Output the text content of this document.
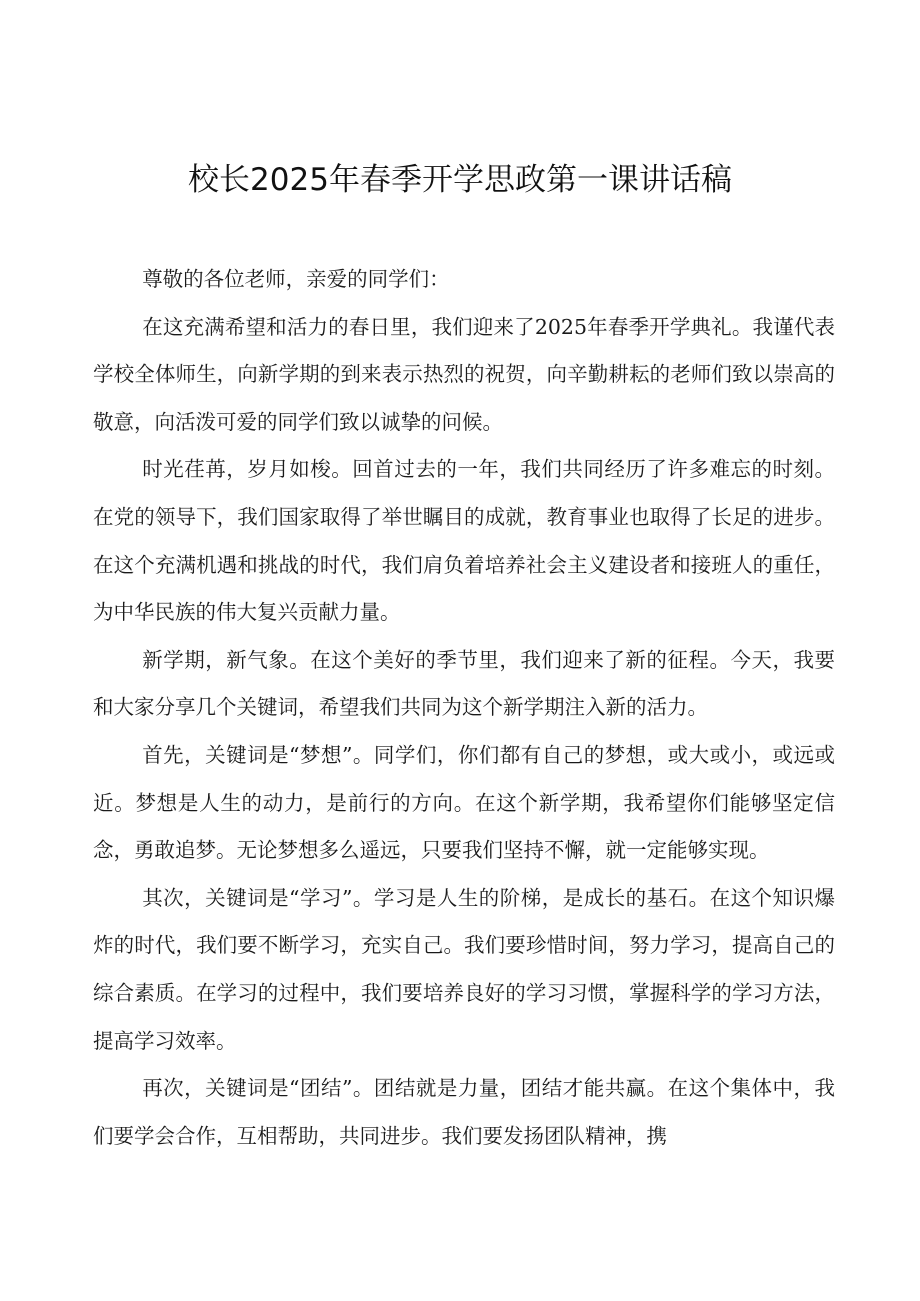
校长2025年春季开学思政第一课讲话稿

尊敬的各位老师，亲爱的同学们：

在这充满希望和活力的春日里，我们迎来了2025年春季开学典礼。我谨代表学校全体师生，向新学期的到来表示热烈的祝贺，向辛勤耕耘的老师们致以崇高的敬意，向活泼可爱的同学们致以诚挚的问候。

时光荏苒，岁月如梭。回首过去的一年，我们共同经历了许多难忘的时刻。在党的领导下，我们国家取得了举世瞩目的成就，教育事业也取得了长足的进步。在这个充满机遇和挑战的时代，我们肩负着培养社会主义建设者和接班人的重任，为中华民族的伟大复兴贡献力量。

新学期，新气象。在这个美好的季节里，我们迎来了新的征程。今天，我要和大家分享几个关键词，希望我们共同为这个新学期注入新的活力。

首先，关键词是“梦想”。同学们，你们都有自己的梦想，或大或小，或远或近。梦想是人生的动力，是前行的方向。在这个新学期，我希望你们能够坚定信念，勇敢追梦。无论梦想多么遥远，只要我们坚持不懈，就一定能够实现。

其次，关键词是“学习”。学习是人生的阶梯，是成长的基石。在这个知识爆炸的时代，我们要不断学习，充实自己。我们要珍惜时间，努力学习，提高自己的综合素质。在学习的过程中，我们要培养良好的学习习惯，掌握科学的学习方法，提高学习效率。

再次，关键词是“团结”。团结就是力量，团结才能共赢。在这个集体中，我们要学会合作，互相帮助，共同进步。我们要发扬团队精神，携
